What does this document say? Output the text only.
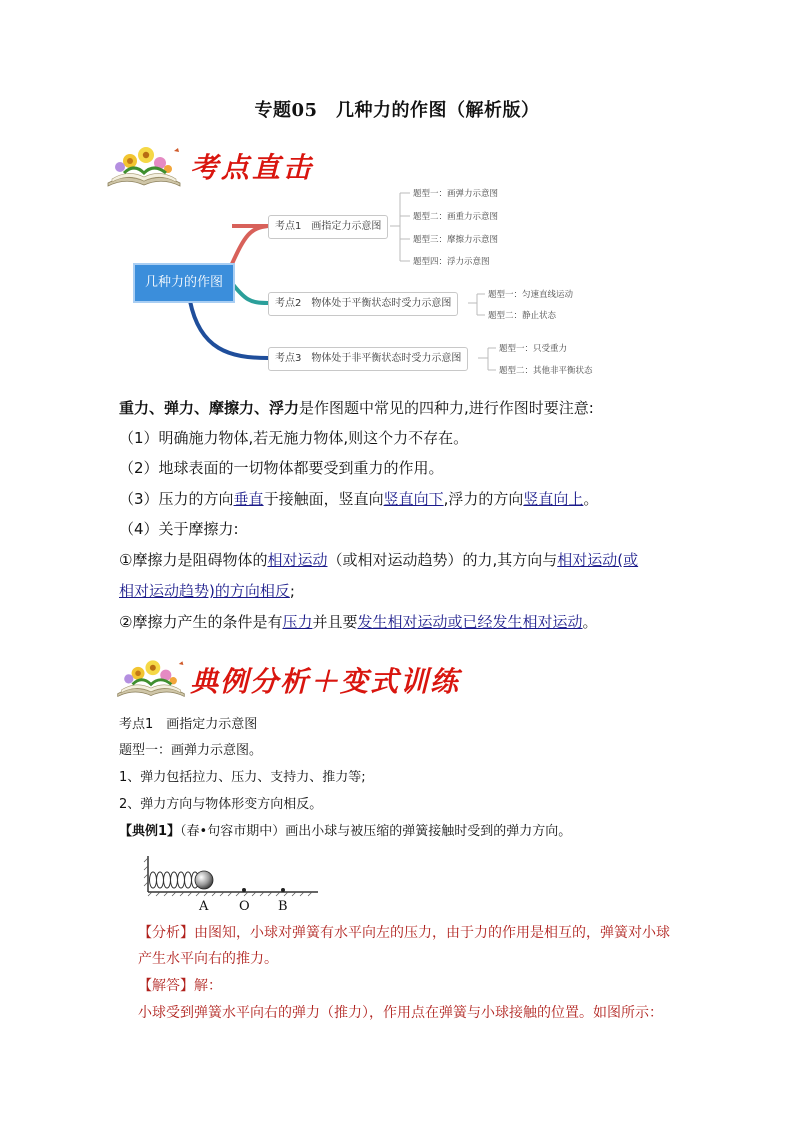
专题05　几种力的作图（解析版）
考点直击
几种力的作图
考点1　画指定力示意图
考点2　物体处于平衡状态时受力示意图
考点3　物体处于非平衡状态时受力示意图
题型一：画弹力示意图
题型二：画重力示意图
题型三：摩擦力示意图
题型四：浮力示意图
题型一：匀速直线运动
题型二：静止状态
题型一：只受重力
题型二：其他非平衡状态
重力、弹力、摩擦力、浮力是作图题中常见的四种力,进行作图时要注意:
（1）明确施力物体,若无施力物体,则这个力不存在。
（2）地球表面的一切物体都要受到重力的作用。
（3）压力的方向垂直于接触面，竖直向竖直向下,浮力的方向竖直向上。
（4）关于摩擦力:
①摩擦力是阻碍物体的相对运动（或相对运动趋势）的力,其方向与相对运动(或
相对运动趋势)的方向相反;
②摩擦力产生的条件是有压力并且要发生相对运动或已经发生相对运动。
典例分析＋变式训练
考点1　画指定力示意图
题型一：画弹力示意图。
1、弹力包括拉力、压力、支持力、推力等;
2、弹力方向与物体形变方向相反。
【典例1】（春•句容市期中）画出小球与被压缩的弹簧接触时受到的弹力方向。
A O B
【分析】由图知，小球对弹簧有水平向左的压力，由于力的作用是相互的，弹簧对小球
产生水平向右的推力。
【解答】解：
小球受到弹簧水平向右的弹力（推力），作用点在弹簧与小球接触的位置。如图所示：
